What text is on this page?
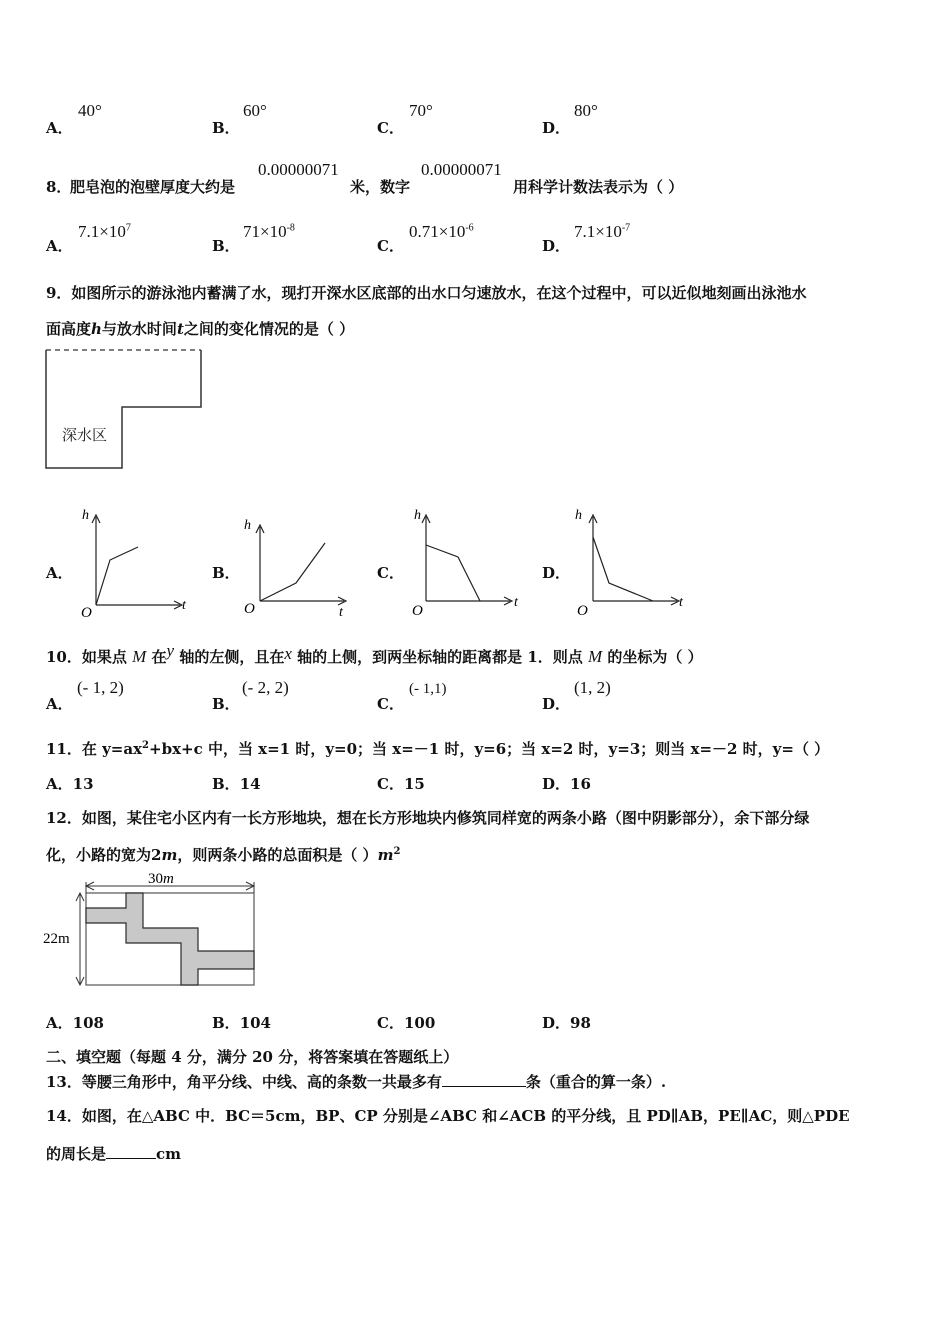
A．
40°
B．
60°
C．
70°
D．
80°
8．
肥皂泡的泡壁厚度大约是
0.00000071
米，数字
0.00000071
用科学计数法表示为（ ）
A．
$7.1\times 10^7$
B．
$71\times 10^{-8}$
C．
$0.71\times 10^{-6}$
D．
$7.1\times 10^{-7}$
9．如图所示的游泳池内蓄满了水，现打开深水区底部的出水口匀速放水，在这个过程中，可以近似地刻画出泳池水
面高度h与放水时间t之间的变化情况的是（ ）
深水区
A．
h
O	t
B．
h
O	t
C．
h
O
t
D．
h
O
t
10．如果点 M 在y 轴的左侧，且在x 轴的上侧，到两坐标轴的距离都是 1．则点 M 的坐标为（ ）
A．
(- 1, 2)
B．
(- 2, 2)
C．
(- 1,1)
D．
(1, 2)
11．在 $y=ax^2+bx+c$ 中，当 x=1 时，y=0；当 x=－1 时，y=6；当 x=2 时，y=3；则当 x=－2 时，y=（ ）
A．13	B．14	C．15	D．16
12．如图，某住宅小区内有一长方形地块，想在长方形地块内修筑同样宽的两条小路（图中阴影部分），余下部分绿
化，小路的宽为2m，则两条小路的总面积是（ ）$m^2$
30m
22m
A．108	B．104	C．100	D．98
二、填空题（每题 4 分，满分 20 分，将答案填在答题纸上）
13．等腰三角形中，角平分线、中线、高的条数一共最多有	条（重合的算一条）.
14．如图，在△ABC 中．BC＝5cm，BP、CP 分别是∠ABC 和∠ACB 的平分线，且 PD∥AB，PE∥AC，则△PDE
的周长是	cm
